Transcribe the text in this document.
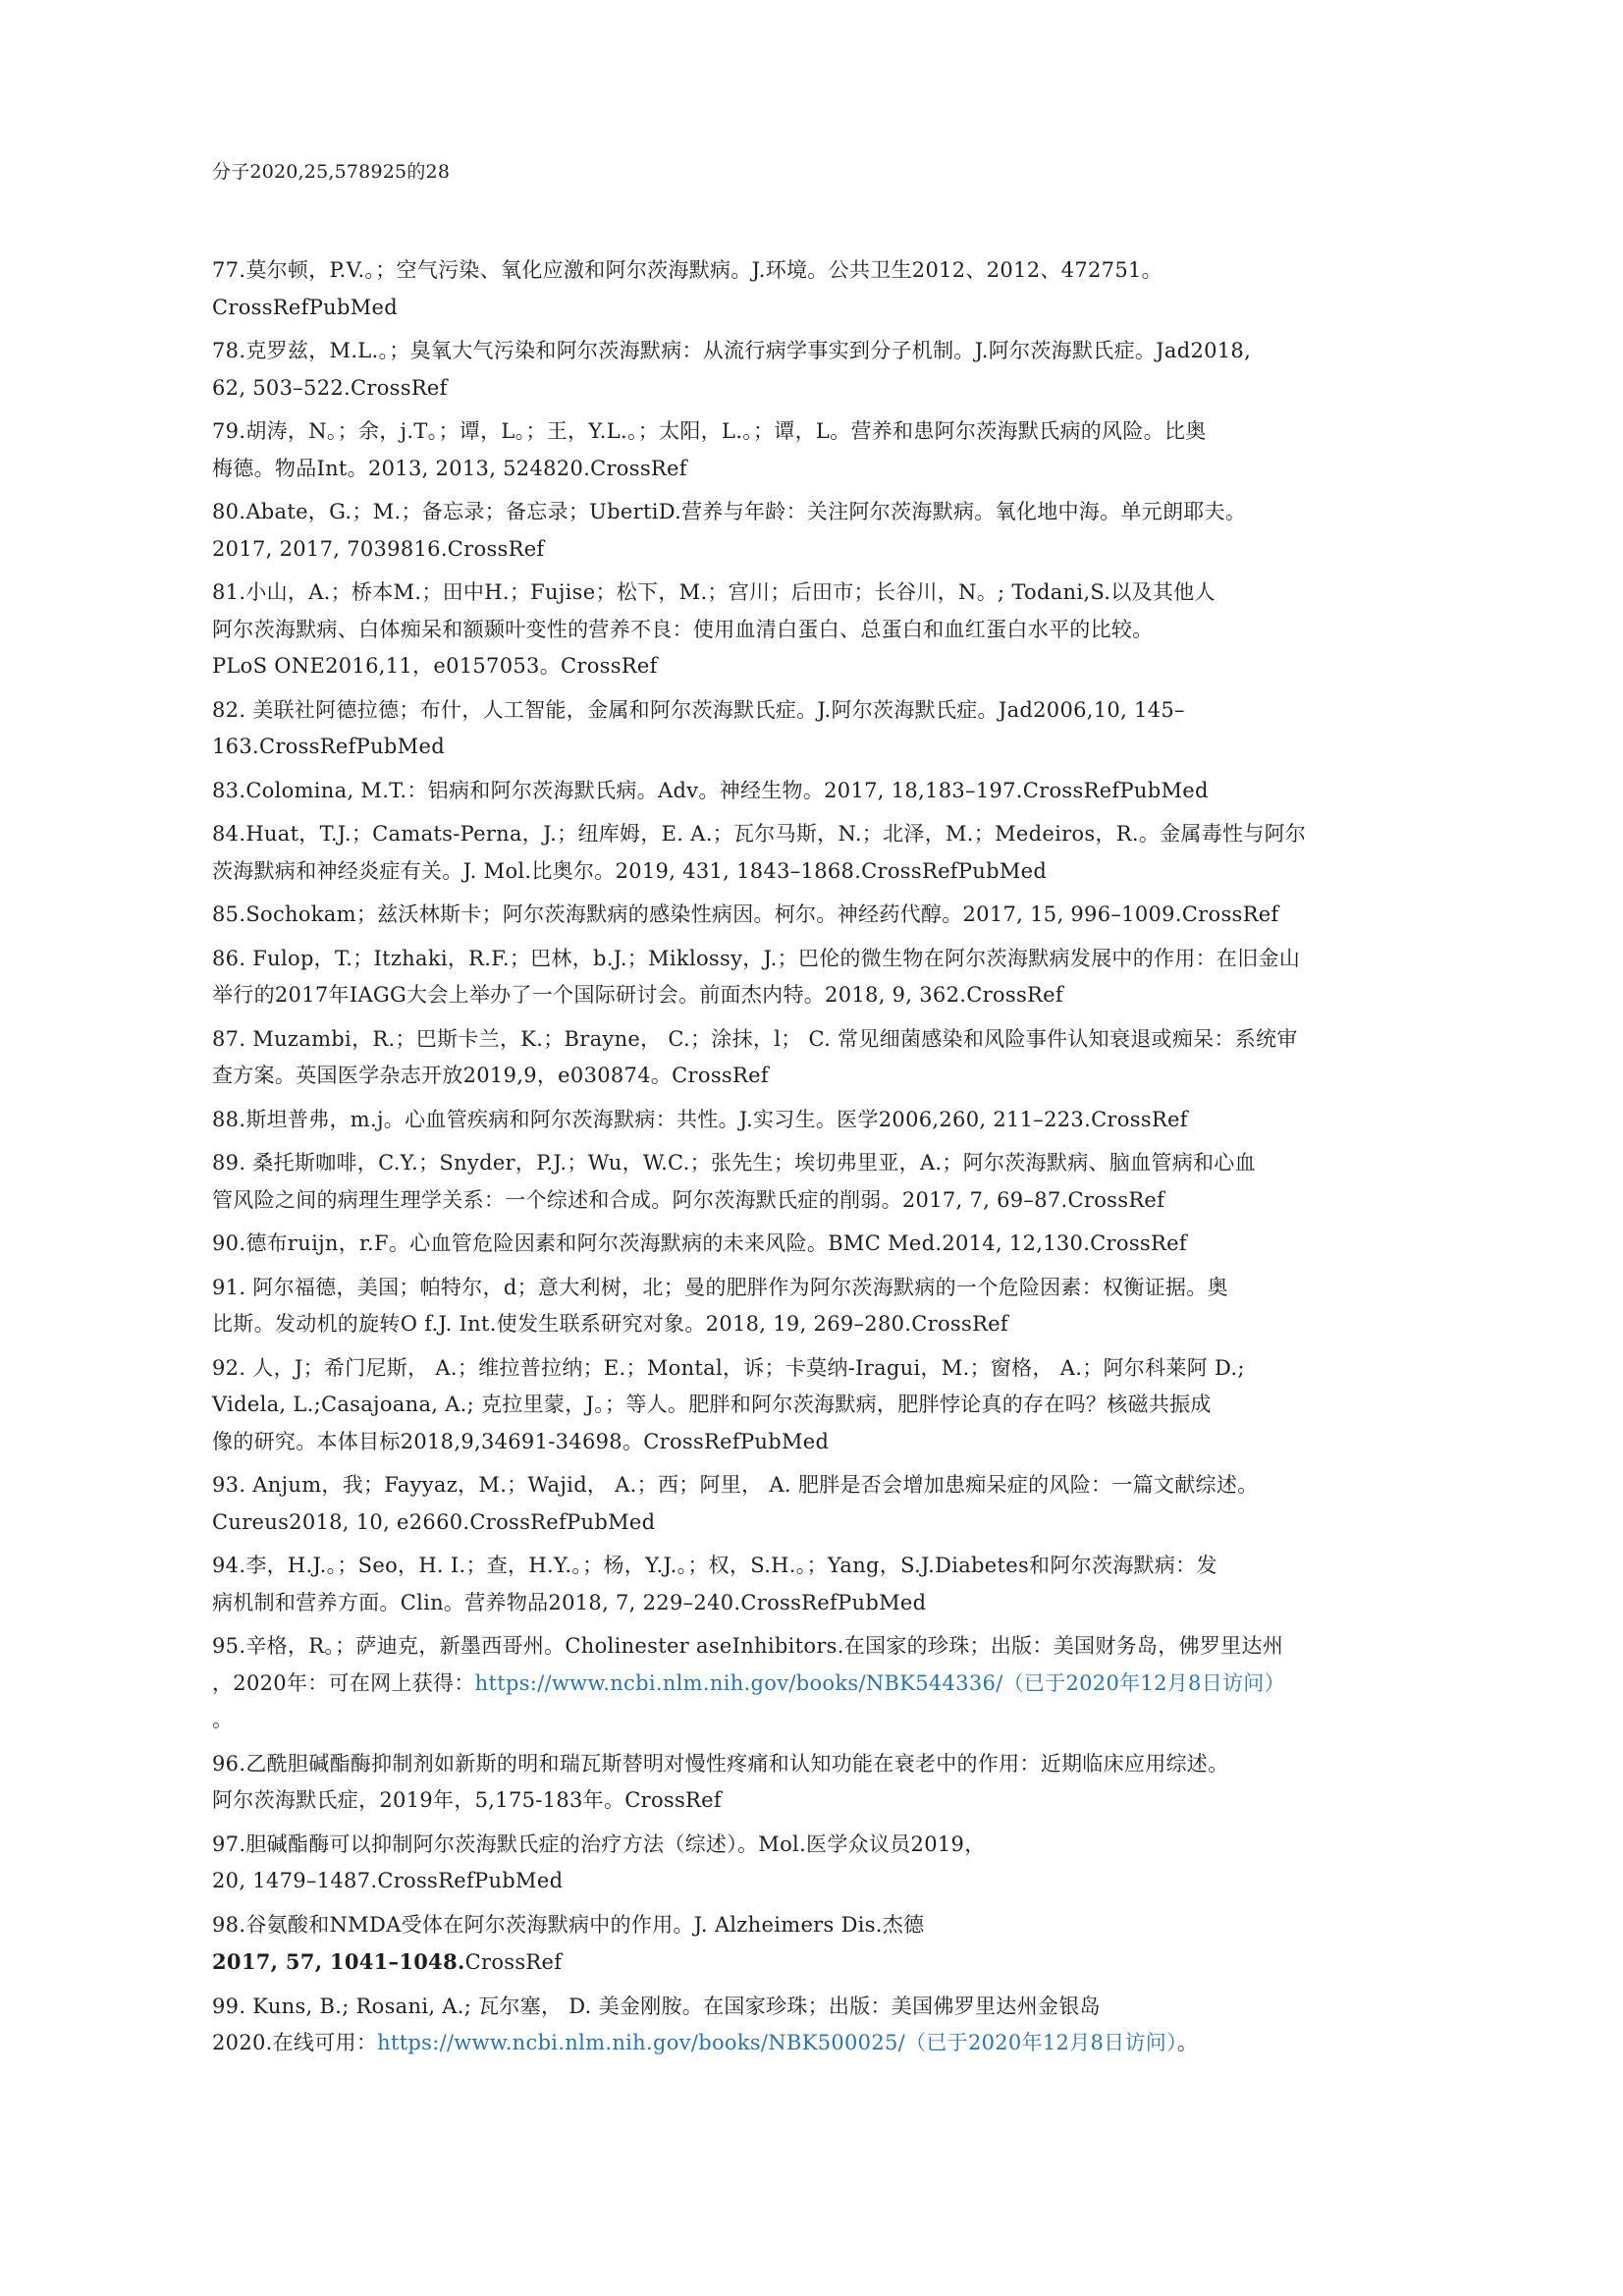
分子2020,25,578925的28
77.莫尔顿，P.V.。；空气污染、氧化应激和阿尔茨海默病。J.环境。公共卫生2012、2012、472751。
CrossRefPubMed
78.克罗兹，M.L.。；臭氧大气污染和阿尔茨海默病：从流行病学事实到分子机制。J.阿尔茨海默氏症。Jad2018,
62, 503–522.CrossRef
79.胡涛，N。；余，j.T。；谭，L。；王，Y.L.。；太阳，L.。；谭，L。营养和患阿尔茨海默氏病的风险。比奥
梅德。物品Int。2013, 2013, 524820.CrossRef
80.Abate，G.；M.；备忘录；备忘录；UbertiD.营养与年龄：关注阿尔茨海默病。氧化地中海。单元朗耶夫。
2017, 2017, 7039816.CrossRef
81.小山，A.；桥本M.；田中H.；Fujise；松下，M.；宫川；后田市；长谷川，N。; Todani,S.以及其他人
阿尔茨海默病、白体痴呆和额颞叶变性的营养不良：使用血清白蛋白、总蛋白和血红蛋白水平的比较。
PLoS ONE2016,11，e0157053。CrossRef
82. 美联社阿德拉德；布什，人工智能，金属和阿尔茨海默氏症。J.阿尔茨海默氏症。Jad2006,10, 145–
163.CrossRefPubMed
83.Colomina, M.T.：铝病和阿尔茨海默氏病。Adv。神经生物。2017, 18,183–197.CrossRefPubMed
84.Huat，T.J.；Camats-Perna，J.；纽库姆，E. A.；瓦尔马斯，N.；北泽，M.；Medeiros，R.。金属毒性与阿尔
茨海默病和神经炎症有关。J. Mol.比奥尔。2019, 431, 1843–1868.CrossRefPubMed
85.Sochokam；兹沃林斯卡；阿尔茨海默病的感染性病因。柯尔。神经药代醇。2017, 15, 996–1009.CrossRef
86. Fulop，T.；Itzhaki，R.F.；巴林，b.J.；Miklossy，J.；巴伦的微生物在阿尔茨海默病发展中的作用：在旧金山
举行的2017年IAGG大会上举办了一个国际研讨会。前面杰内特。2018, 9, 362.CrossRef
87. Muzambi，R.；巴斯卡兰，K.；Brayne， C.；涂抹，l； C. 常见细菌感染和风险事件认知衰退或痴呆：系统审
查方案。英国医学杂志开放2019,9，e030874。CrossRef
88.斯坦普弗，m.j。心血管疾病和阿尔茨海默病：共性。J.实习生。医学2006,260, 211–223.CrossRef
89. 桑托斯咖啡，C.Y.；Snyder，P.J.；Wu，W.C.；张先生；埃切弗里亚，A.；阿尔茨海默病、脑血管病和心血
管风险之间的病理生理学关系：一个综述和合成。阿尔茨海默氏症的削弱。2017, 7, 69–87.CrossRef
90.德布ruijn，r.F。心血管危险因素和阿尔茨海默病的未来风险。BMC Med.2014, 12,130.CrossRef
91. 阿尔福德，美国；帕特尔，d；意大利树，北；曼的肥胖作为阿尔茨海默病的一个危险因素：权衡证据。奥
比斯。发动机的旋转O f.J. Int.使发生联系研究对象。2018, 19, 269–280.CrossRef
92. 人，J；希门尼斯， A.；维拉普拉纳；E.；Montal，诉；卡莫纳-Iragui，M.；窗格， A.；阿尔科莱阿 D.;
Videla, L.;Casajoana, A.; 克拉里蒙，J。；等人。肥胖和阿尔茨海默病，肥胖悖论真的存在吗？核磁共振成
像的研究。本体目标2018,9,34691-34698。CrossRefPubMed
93. Anjum，我；Fayyaz，M.；Wajid， A.；西；阿里， A. 肥胖是否会增加患痴呆症的风险：一篇文献综述。
Cureus2018, 10, e2660.CrossRefPubMed
94.李，H.J.。；Seo，H. I.；查，H.Y.。；杨，Y.J.。；权，S.H.。；Yang，S.J.Diabetes和阿尔茨海默病：发
病机制和营养方面。Clin。营养物品2018, 7, 229–240.CrossRefPubMed
95.辛格，R。；萨迪克，新墨西哥州。Cholinester aseInhibitors.在国家的珍珠；出版：美国财务岛，佛罗里达州
，2020年：可在网上获得：https://www.ncbi.nlm.nih.gov/books/NBK544336/（已于2020年12月8日访问）
。
96.乙酰胆碱酯酶抑制剂如新斯的明和瑞瓦斯替明对慢性疼痛和认知功能在衰老中的作用：近期临床应用综述。
阿尔茨海默氏症，2019年，5,175-183年。CrossRef
97.胆碱酯酶可以抑制阿尔茨海默氏症的治疗方法（综述）。Mol.医学众议员2019，
20, 1479–1487.CrossRefPubMed
98.谷氨酸和NMDA受体在阿尔茨海默病中的作用。J. Alzheimers Dis.杰德
2017, 57, 1041–1048.CrossRef
99. Kuns, B.; Rosani, A.; 瓦尔塞， D. 美金刚胺。在国家珍珠；出版：美国佛罗里达州金银岛
2020.在线可用：https://www.ncbi.nlm.nih.gov/books/NBK500025/（已于2020年12月8日访问）。
